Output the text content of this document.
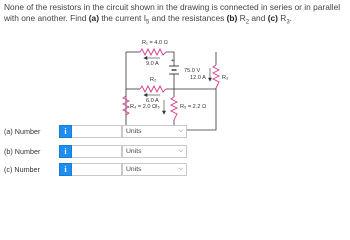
None of the resistors in the circuit shown in the drawing is connected in series or in parallel with one another. Find (a) the current $I_5$ and the resistances (b) $R_2$ and (c) $R_3$.
R₁ = 4.0 Ω
9.0 A
R₂
6.0 A
R₄ = 2.0 Ω I₅	R₅ = 2.2 Ω
+
75.0 V
12.0 A	R₃
(a) Number	i	Units	⌵
(b) Number	i	Units	⌵
(c) Number	i	Units	⌵
